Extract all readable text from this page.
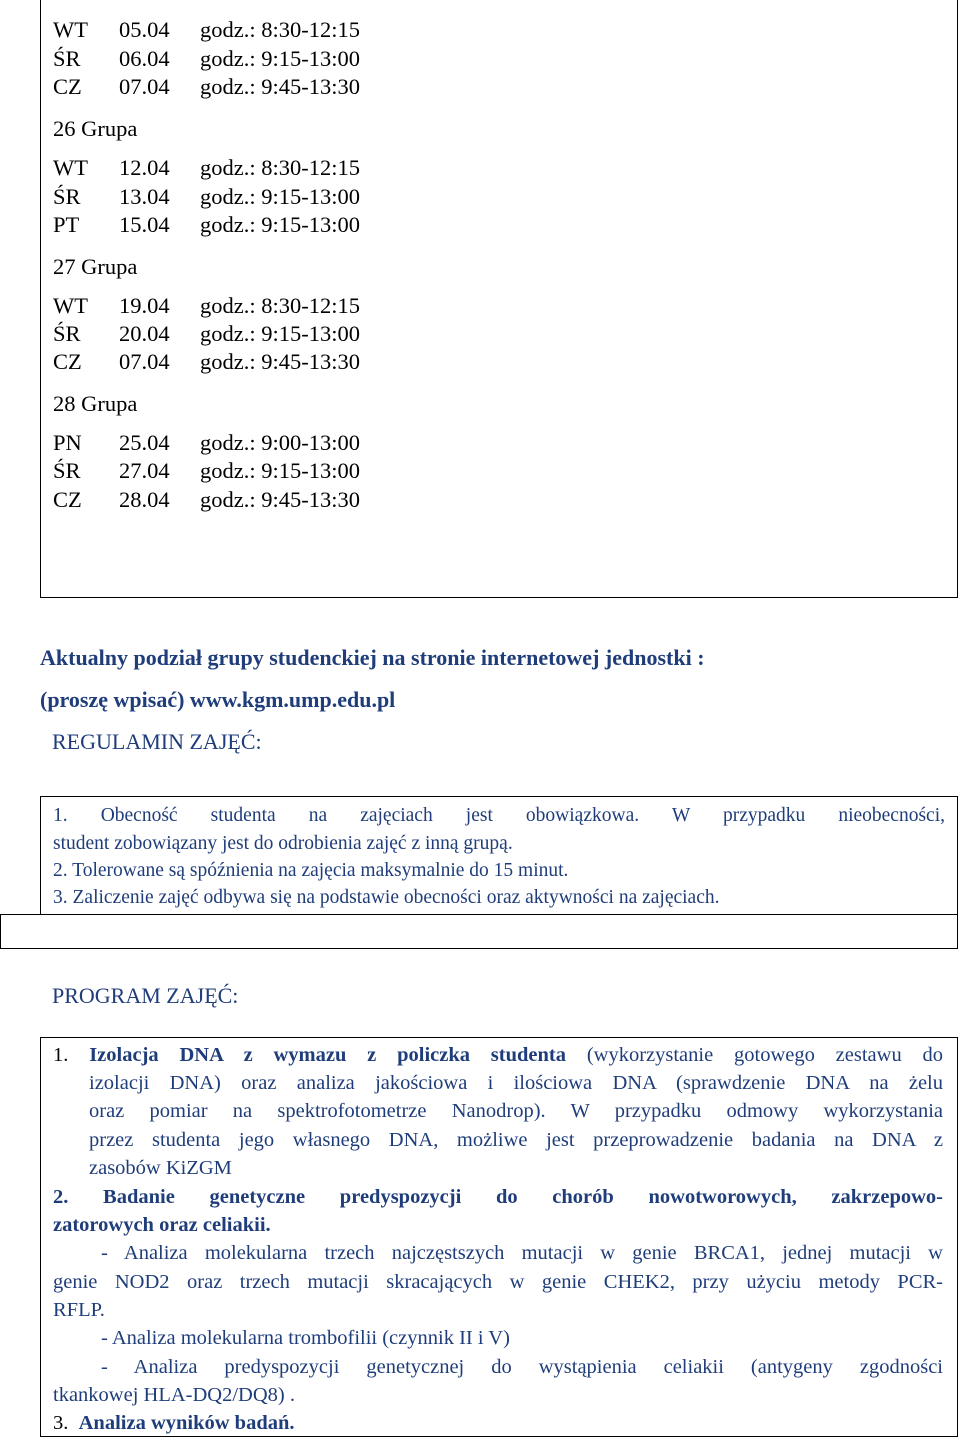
WT 05.04 godz.: 8:30-12:15
ŚR 06.04 godz.: 9:15-13:00
CZ 07.04 godz.: 9:45-13:30
26 Grupa
WT 12.04 godz.: 8:30-12:15
ŚR 13.04 godz.: 9:15-13:00
PT 15.04 godz.: 9:15-13:00
27 Grupa
WT 19.04 godz.: 8:30-12:15
ŚR 20.04 godz.: 9:15-13:00
CZ 07.04 godz.: 9:45-13:30
28 Grupa
PN 25.04 godz.: 9:00-13:00
ŚR 27.04 godz.: 9:15-13:00
CZ 28.04 godz.: 9:45-13:30
Aktualny podział grupy studenckiej na stronie internetowej jednostki :
(proszę wpisać) www.kgm.ump.edu.pl
REGULAMIN ZAJĘĆ:
1. Obecność studenta na zajęciach jest obowiązkowa. W przypadku nieobecności,
student zobowiązany jest do odrobienia zajęć z inną grupą.
2. Tolerowane są spóźnienia na zajęcia maksymalnie do 15 minut.
3. Zaliczenie zajęć odbywa się na podstawie obecności oraz aktywności na zajęciach.
PROGRAM ZAJĘĆ:
1. Izolacja DNA z wymazu z policzka studenta (wykorzystanie gotowego zestawu do
izolacji DNA) oraz analiza jakościowa i ilościowa DNA (sprawdzenie DNA na żelu
oraz pomiar na spektrofotometrze Nanodrop). W przypadku odmowy wykorzystania
przez studenta jego własnego DNA, możliwe jest przeprowadzenie badania na DNA z
zasobów KiZGM
2. Badanie genetyczne predyspozycji do chorób nowotworowych, zakrzepowo-
zatorowych oraz celiakii.
- Analiza molekularna trzech najczęstszych mutacji w genie BRCA1, jednej mutacji w
genie NOD2 oraz trzech mutacji skracających w genie CHEK2, przy użyciu metody PCR-
RFLP.
- Analiza molekularna trombofilii (czynnik II i V)
- Analiza predyspozycji genetycznej do wystąpienia celiakii (antygeny zgodności
tkankowej HLA-DQ2/DQ8) .
3. Analiza wyników badań.
